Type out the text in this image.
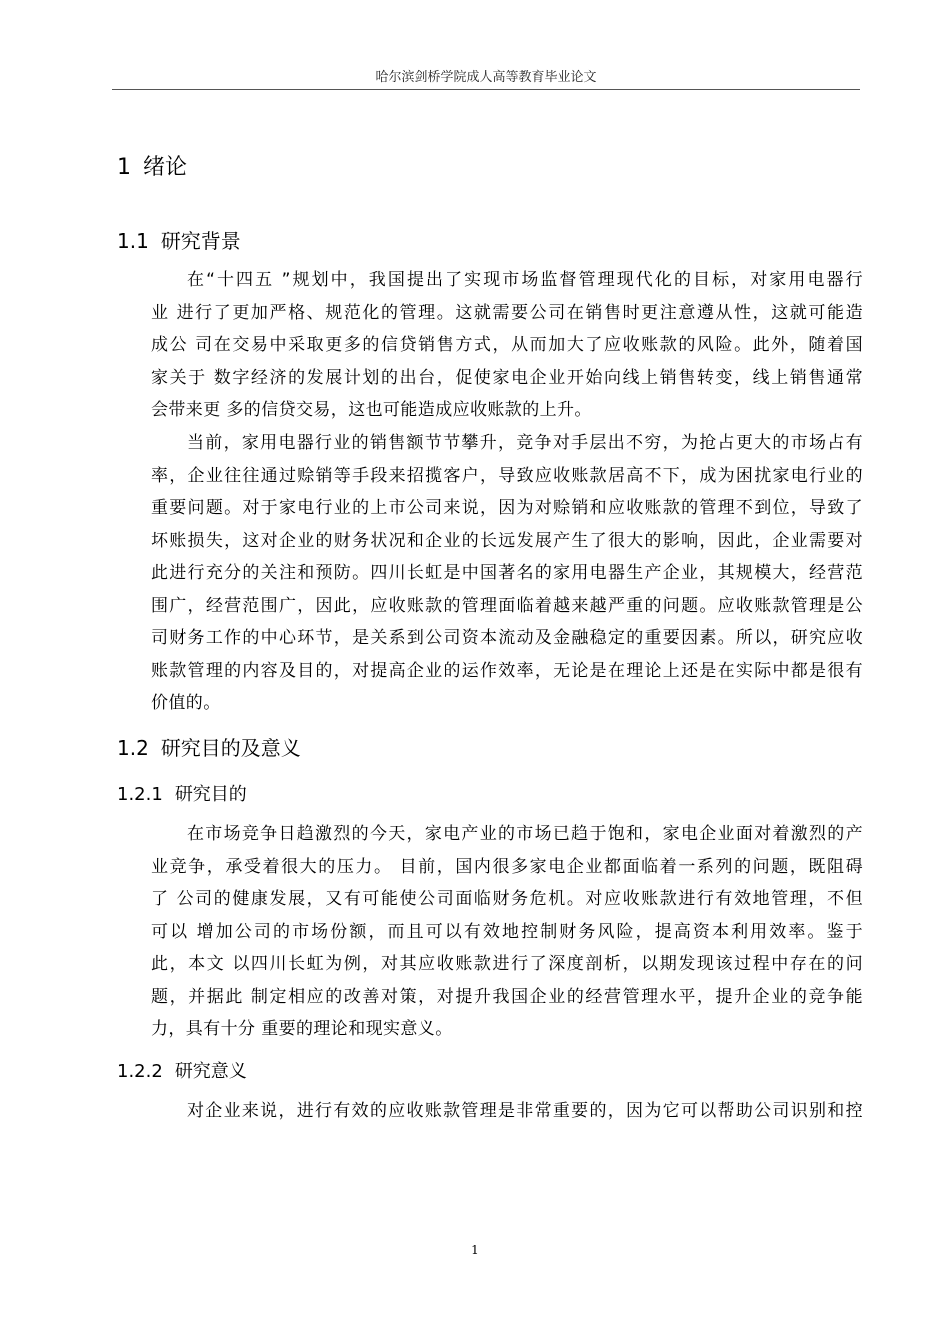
哈尔滨剑桥学院成人高等教育毕业论文
1 绪论
1.1 研究背景
在“十四五 ”规划中，我国提出了实现市场监督管理现代化的目标，对家用电器行
业 进行了更加严格、规范化的管理。这就需要公司在销售时更注意遵从性，这就可能造
成公 司在交易中采取更多的信贷销售方式，从而加大了应收账款的风险。此外，随着国
家关于 数字经济的发展计划的出台，促使家电企业开始向线上销售转变，线上销售通常
会带来更 多的信贷交易，这也可能造成应收账款的上升。
当前，家用电器行业的销售额节节攀升，竞争对手层出不穷，为抢占更大的市场占有
率，企业往往通过赊销等手段来招揽客户，导致应收账款居高不下，成为困扰家电行业的
重要问题。对于家电行业的上市公司来说，因为对赊销和应收账款的管理不到位，导致了
坏账损失，这对企业的财务状况和企业的长远发展产生了很大的影响，因此，企业需要对
此进行充分的关注和预防。四川长虹是中国著名的家用电器生产企业，其规模大，经营范
围广，经营范围广，因此，应收账款的管理面临着越来越严重的问题。应收账款管理是公
司财务工作的中心环节，是关系到公司资本流动及金融稳定的重要因素。所以，研究应收
账款管理的内容及目的，对提高企业的运作效率，无论是在理论上还是在实际中都是很有
价值的。
1.2 研究目的及意义
1.2.1 研究目的
在市场竞争日趋激烈的今天，家电产业的市场已趋于饱和，家电企业面对着激烈的产
业竞争，承受着很大的压力。 目前，国内很多家电企业都面临着一系列的问题，既阻碍
了 公司的健康发展，又有可能使公司面临财务危机。对应收账款进行有效地管理，不但
可以 增加公司的市场份额，而且可以有效地控制财务风险，提高资本利用效率。鉴于
此，本文 以四川长虹为例，对其应收账款进行了深度剖析，以期发现该过程中存在的问
题，并据此 制定相应的改善对策，对提升我国企业的经营管理水平，提升企业的竞争能
力，具有十分 重要的理论和现实意义。
1.2.2 研究意义
对企业来说，进行有效的应收账款管理是非常重要的，因为它可以帮助公司识别和控
1
